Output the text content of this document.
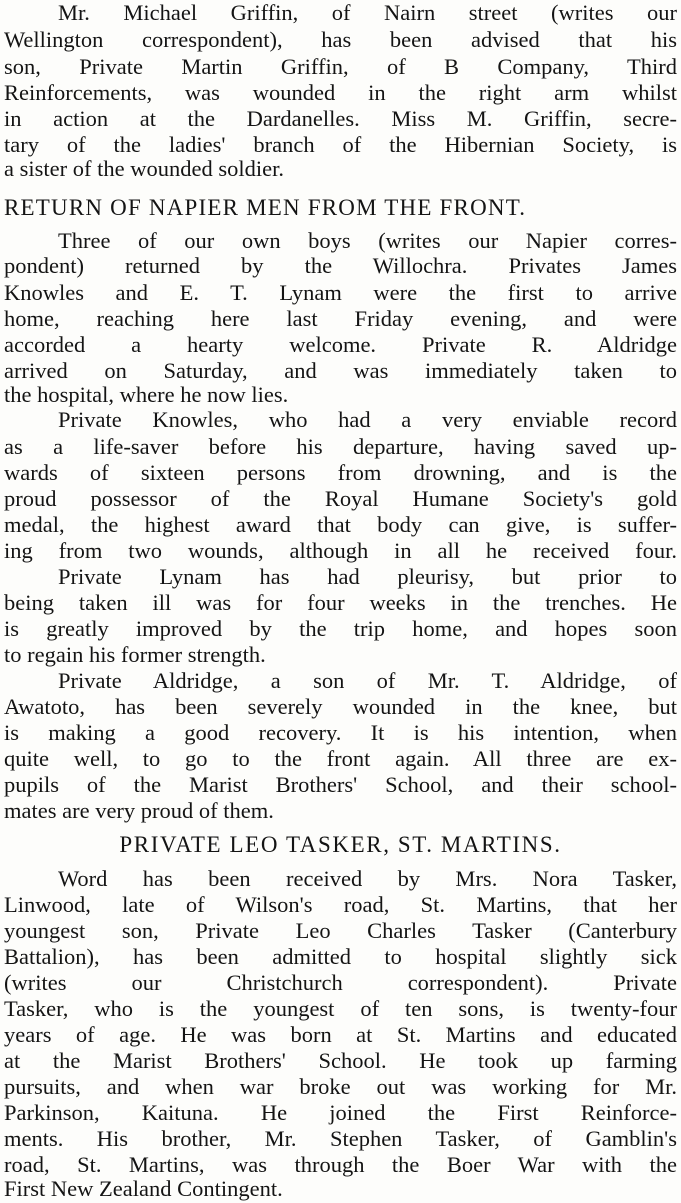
Mr. Michael Griffin, of Nairn street (writes our
Wellington correspondent), has been advised that his
son, Private Martin Griffin, of B Company, Third
Reinforcements, was wounded in the right arm whilst
in action at the Dardanelles. Miss M. Griffin, secre-
tary of the ladies' branch of the Hibernian Society, is
a sister of the wounded soldier.
RETURN OF NAPIER MEN FROM THE FRONT.
Three of our own boys (writes our Napier corres-
pondent) returned by the Willochra. Privates James
Knowles and E. T. Lynam were the first to arrive
home, reaching here last Friday evening, and were
accorded a hearty welcome. Private R. Aldridge
arrived on Saturday, and was immediately taken to
the hospital, where he now lies.
Private Knowles, who had a very enviable record
as a life-saver before his departure, having saved up-
wards of sixteen persons from drowning, and is the
proud possessor of the Royal Humane Society's gold
medal, the highest award that body can give, is suffer-
ing from two wounds, although in all he received four.
Private Lynam has had pleurisy, but prior to
being taken ill was for four weeks in the trenches. He
is greatly improved by the trip home, and hopes soon
to regain his former strength.
Private Aldridge, a son of Mr. T. Aldridge, of
Awatoto, has been severely wounded in the knee, but
is making a good recovery. It is his intention, when
quite well, to go to the front again. All three are ex-
pupils of the Marist Brothers' School, and their school-
mates are very proud of them.
PRIVATE LEO TASKER, ST. MARTINS.
Word has been received by Mrs. Nora Tasker,
Linwood, late of Wilson's road, St. Martins, that her
youngest son, Private Leo Charles Tasker (Canterbury
Battalion), has been admitted to hospital slightly sick
(writes our Christchurch correspondent). Private
Tasker, who is the youngest of ten sons, is twenty-four
years of age. He was born at St. Martins and educated
at the Marist Brothers' School. He took up farming
pursuits, and when war broke out was working for Mr.
Parkinson, Kaituna. He joined the First Reinforce-
ments. His brother, Mr. Stephen Tasker, of Gamblin's
road, St. Martins, was through the Boer War with the
First New Zealand Contingent.
